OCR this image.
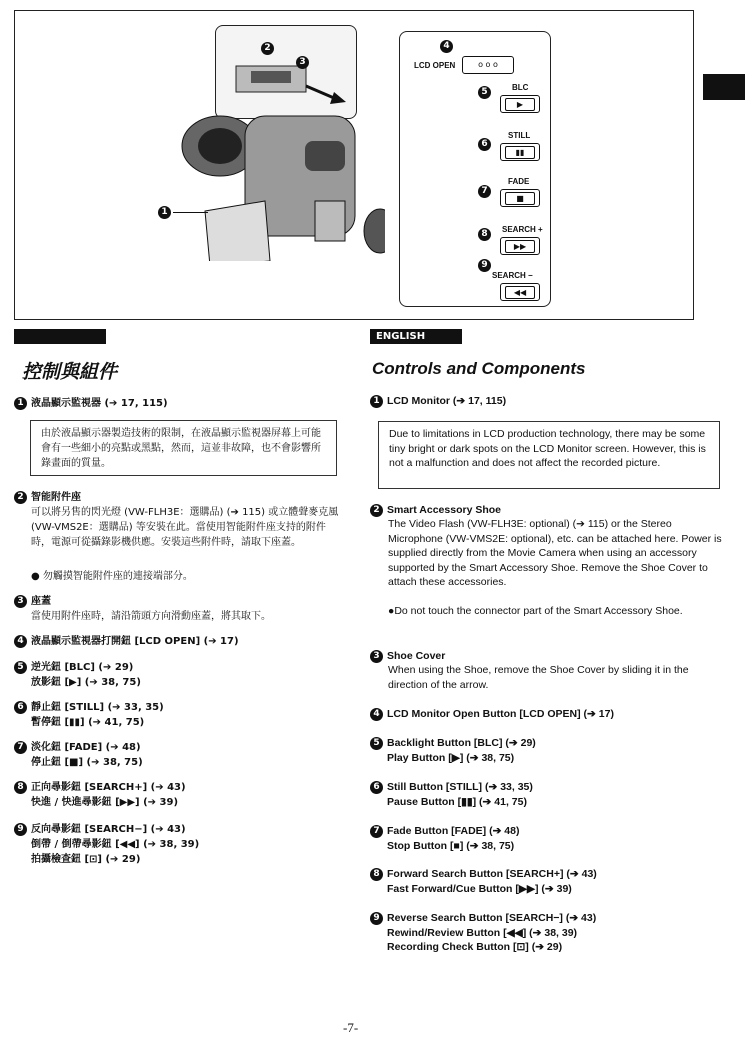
2
3
1
4
LCD OPEN	o o o
5	BLC
▶
6
STILL
▮▮
7
FADE
■
8	SEARCH +
▶▶
9
SEARCH −
◀◀
控制與組件
1 液晶顯示監視器 (➔ 17, 115)
由於液晶顯示器製造技術的限制，在液晶顯示監視器屏幕上可能會有一些細小的亮點或黑點，然而，這並非故障，也不會影響所錄畫面的質量。
2 智能附件座
可以將另售的閃光燈 (VW-FLH3E：選購品) (➔ 115) 或立體聲麥克風 (VW-VMS2E：選購品) 等安裝在此。當使用智能附件座支持的附件時，電源可從攝錄影機供應。安裝這些附件時，請取下座蓋。
● 勿觸摸智能附件座的連接端部分。
3 座蓋
當使用附件座時，請沿箭頭方向滑動座蓋，將其取下。
4 液晶顯示監視器打開鈕 [LCD OPEN] (➔ 17)
5 逆光鈕 [BLC] (➔ 29)
放影鈕 [▶] (➔ 38, 75)
6 靜止鈕 [STILL] (➔ 33, 35)
暫停鈕 [▮▮] (➔ 41, 75)
7 淡化鈕 [FADE] (➔ 48)
停止鈕 [■] (➔ 38, 75)
8 正向尋影鈕 [SEARCH+] (➔ 43)
快進 / 快進尋影鈕 [▶▶] (➔ 39)
9 反向尋影鈕 [SEARCH−] (➔ 43)
倒帶 / 倒帶尋影鈕 [◀◀] (➔ 38, 39)
拍攝檢查鈕 [⊡] (➔ 29)
ENGLISH
Controls and Components
1 LCD Monitor (➔ 17, 115)
Due to limitations in LCD production technology, there may be some tiny bright or dark spots on the LCD Monitor screen. However, this is not a malfunction and does not affect the recorded picture.
2 Smart Accessory Shoe
The Video Flash (VW-FLH3E: optional) (➔ 115) or the Stereo Microphone (VW-VMS2E: optional), etc. can be attached here. Power is supplied directly from the Movie Camera when using an accessory supported by the Smart Accessory Shoe. Remove the Shoe Cover to attach these accessories.
●Do not touch the connector part of the Smart Accessory Shoe.
3 Shoe Cover
When using the Shoe, remove the Shoe Cover by sliding it in the direction of the arrow.
4 LCD Monitor Open Button [LCD OPEN] (➔ 17)
5 Backlight Button [BLC] (➔ 29)
Play Button [▶] (➔ 38, 75)
6 Still Button [STILL] (➔ 33, 35)
Pause Button [▮▮] (➔ 41, 75)
7 Fade Button [FADE] (➔ 48)
Stop Button [■] (➔ 38, 75)
8 Forward Search Button [SEARCH+] (➔ 43)
Fast Forward/Cue Button [▶▶] (➔ 39)
9 Reverse Search Button [SEARCH−] (➔ 43)
Rewind/Review Button [◀◀] (➔ 38, 39)
Recording Check Button [⊡] (➔ 29)
-7-
